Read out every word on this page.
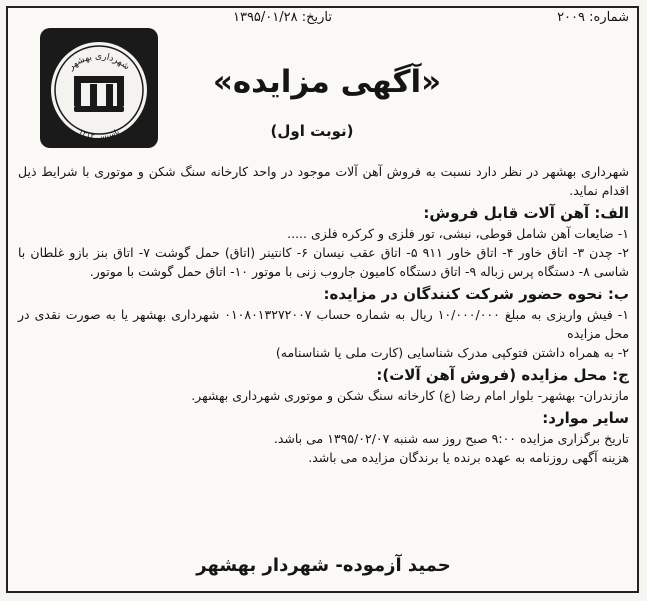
شماره: ۲۰۰۹
تاریخ: ۱۳۹۵/۰۱/۲۸
شهرداری بهشهر
تاسیس ۱۳۱۲
«آگهی مزایده»
(نوبت اول)

شهرداری بهشهر در نظر دارد نسبت به فروش آهن آلات موجود در واحد کارخانه سنگ شکن و موتوری با شرایط ذیل اقدام نماید.

الف: آهن آلات قابل فروش:

۱- ضایعات آهن شامل قوطی، نبشی، تور فلزی و کرکره فلزی .....

۲- چدن ۳- اتاق خاور ۴- اتاق خاور ۹۱۱ ۵- اتاق عقب نیسان ۶- کانتینر (اتاق) حمل گوشت ۷- اتاق بنز بازو غلطان با شاسی ۸- دستگاه پرس زباله ۹- اتاق دستگاه کامیون جاروب زنی با موتور ۱۰- اتاق حمل گوشت با موتور.

ب: نحوه حضور شرکت کنندگان در مزایده:

۱- فیش واریزی به مبلغ ۱۰/۰۰۰/۰۰۰ ریال به شماره حساب ۰۱۰۸۰۱۳۲۷۲۰۰۷ شهرداری بهشهر یا به صورت نقدی در محل مزایده

۲- به همراه داشتن فتوکپی مدرک شناسایی (کارت ملی یا شناسنامه)

ج: محل مزایده (فروش آهن آلات):

مازندران- بهشهر- بلوار امام رضا (ع) کارخانه سنگ شکن و موتوری شهرداری بهشهر.

سایر موارد:

تاریخ برگزاری مزایده ۹:۰۰ صبح روز سه شنبه ۱۳۹۵/۰۲/۰۷ می باشد.

هزینه آگهی روزنامه به عهده برنده یا برندگان مزایده می باشد.

حمید آزموده- شهردار بهشهر
